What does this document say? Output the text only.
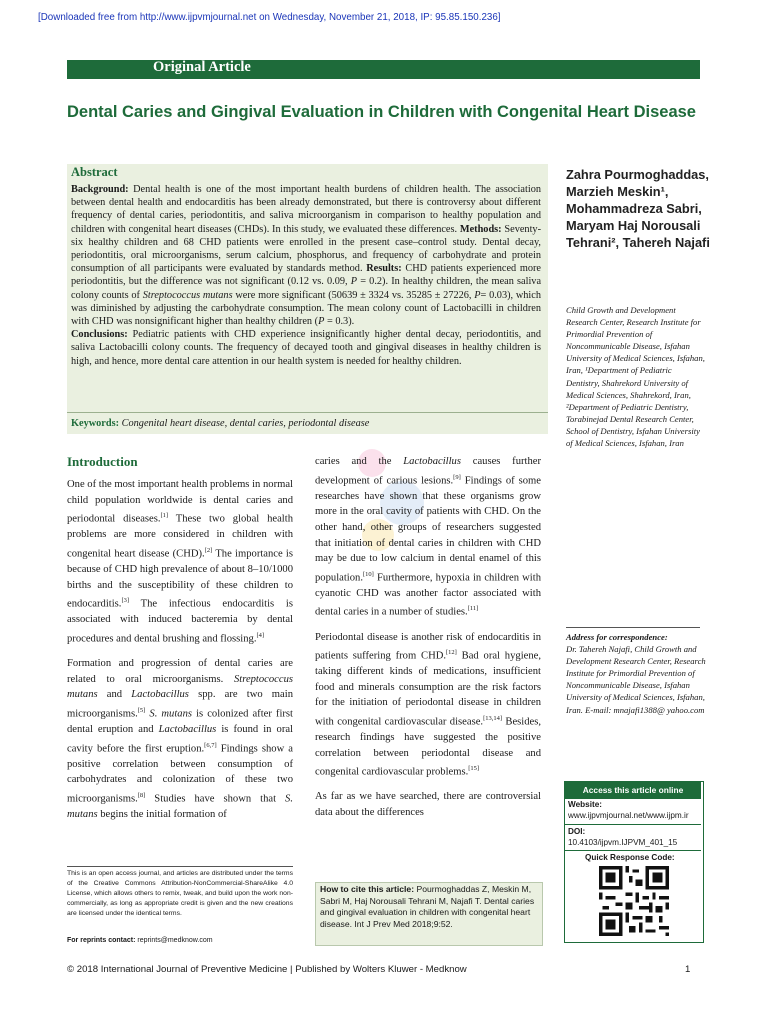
[Downloaded free from http://www.ijpvmjournal.net on Wednesday, November 21, 2018, IP: 95.85.150.236]
Original Article
Dental Caries and Gingival Evaluation in Children with Congenital Heart Disease
Abstract
Background: Dental health is one of the most important health burdens of children health. The association between dental health and endocarditis has been already demonstrated, but there is controversy about different frequency of dental caries, periodontitis, and saliva microorganism in comparison to healthy population and children with congenital heart diseases (CHDs). In this study, we evaluated these differences. Methods: Seventy-six healthy children and 68 CHD patients were enrolled in the present case–control study. Dental decay, periodontitis, oral microorganisms, serum calcium, phosphorus, and frequency of carbohydrate and protein consumption of all participants were evaluated by standards method. Results: CHD patients experienced more periodontitis, but the difference was not significant (0.12 vs. 0.09, P = 0.2). In healthy children, the mean saliva colony counts of Streptococcus mutans were more significant (50639 ± 3324 vs. 35285 ± 27226, P= 0.03), which was diminished by adjusting the carbohydrate consumption. The mean colony count of Lactobacilli in children with CHD was nonsignificant higher than healthy children (P = 0.3).
Conclusions: Pediatric patients with CHD experience insignificantly higher dental decay, periodontitis, and saliva Lactobacilli colony counts. The frequency of decayed tooth and gingival diseases in healthy children is high, and hence, more dental care attention in our health system is needed for healthy children.
Keywords: Congenital heart disease, dental caries, periodontal disease
Zahra Pourmoghaddas, Marzieh Meskin¹, Mohammadreza Sabri, Maryam Haj Norousali Tehrani², Tahereh Najafi
Child Growth and Development Research Center, Research Institute for Primordial Prevention of Noncommunicable Disease, Isfahan University of Medical Sciences, Isfahan, Iran, ¹Department of Pediatric Dentistry, Shahrekord University of Medical Sciences, Shahrekord, Iran, ²Department of Pediatric Dentistry, Torabinejad Dental Research Center, School of Dentistry, Isfahan University of Medical Sciences, Isfahan, Iran
Introduction

One of the most important health problems in normal child population worldwide is dental caries and periodontal diseases.[1] These two global health problems are more considered in children with congenital heart disease (CHD).[2] The importance is because of CHD high prevalence of about 8–10/1000 births and the susceptibility of these children to endocarditis.[3] The infectious endocarditis is associated with induced bacteremia by dental procedures and dental brushing and flossing.[4]

Formation and progression of dental caries are related to oral microorganisms. Streptococcus mutans and Lactobacillus spp. are two main microorganisms.[5] S. mutans is colonized after first dental eruption and Lactobacillus is found in oral cavity before the first eruption.[6,7] Findings show a positive correlation between consumption of carbohydrates and colonization of these two microorganisms.[8] Studies have shown that S. mutans begins the initial formation of

caries and the Lactobacillus causes further development of carious lesions.[9] Findings of some researches have shown that these organisms grow more in the oral cavity of patients with CHD. On the other hand, other groups of researchers suggested that initiation of dental caries in children with CHD may be due to low calcium in dental enamel of this population.[10] Furthermore, hypoxia in children with cyanotic CHD was another factor associated with dental caries in a number of studies.[11]

Periodontal disease is another risk of endocarditis in patients suffering from CHD.[12] Bad oral hygiene, taking different kinds of medications, insufficient food and minerals consumption are the risk factors for the initiation of periodontal disease in children with congenital cardiovascular disease.[13,14] Besides, research findings have suggested the positive correlation between periodontal disease and congenital cardiovascular problems.[15]

As far as we have searched, there are controversial data about the differences

This is an open access journal, and articles are distributed under the terms of the Creative Commons Attribution-NonCommercial-ShareAlike 4.0 License, which allows others to remix, tweak, and build upon the work non-commercially, as long as appropriate credit is given and the new creations are licensed under the identical terms.
For reprints contact: reprints@medknow.com
How to cite this article: Pourmoghaddas Z, Meskin M, Sabri M, Haj Norousali Tehrani M, Najafi T. Dental caries and gingival evaluation in children with congenital heart disease. Int J Prev Med 2018;9:52.
Address for correspondence:
Dr. Tahereh Najafi, Child Growth and Development Research Center, Research Institute for Primordial Prevention of Noncommunicable Disease, Isfahan University of Medical Sciences, Isfahan, Iran. E-mail: mnajafi1388@ yahoo.com
Access this article online
Website:
www.ijpvmjournal.net/www.ijpm.ir
DOI:
10.4103/ijpvm.IJPVM_401_15
Quick Response Code:
© 2018 International Journal of Preventive Medicine | Published by Wolters Kluwer - Medknow	1
